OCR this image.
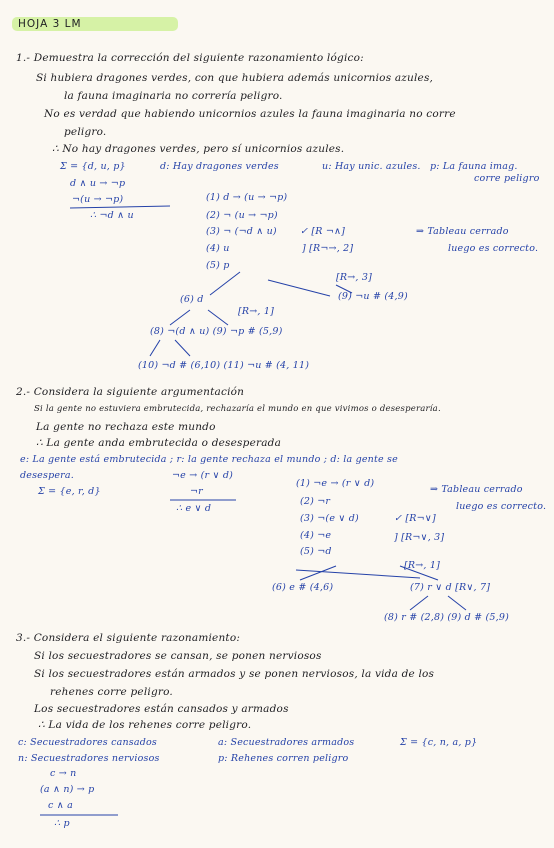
HOJA 3 LM
1.- Demuestra la corrección del siguiente razonamiento lógico:
Si hubiera dragones verdes, con que hubiera además unicornios azules,
la fauna imaginaria no correría peligro.
No es verdad que habiendo unicornios azules la fauna imaginaria no corre
peligro.
∴ No hay dragones verdes, pero sí unicornios azules.
Σ = {d, u, p}	d: Hay dragones verdes	u: Hay unic. azules. p: La fauna imag.
corre peligro
d ∧ u → ¬p
¬(u → ¬p)
∴ ¬d ∧ u
(1) d → (u → ¬p)
(2) ¬ (u → ¬p)
(3) ¬ (¬d ∧ u) ✓ [R ¬∧]
(4) u
(5) p
] [R¬→, 2]
[R→, 3]
(9) ¬u # (4,9)
(6) d
[R→, 1]
(8) ¬(d ∧ u) (9) ¬p # (5,9)
(10) ¬d # (6,10) (11) ¬u # (4, 11)
⇒ Tableau cerrado
luego es correcto.
2.- Considera la siguiente argumentación
Si la gente no estuviera embrutecida, rechazaría el mundo en que vivimos o desesperaría.
La gente no rechaza este mundo
∴ La gente anda embrutecida o desesperada
e: La gente está embrutecida ; r: la gente rechaza el mundo ; d: la gente se
desespera.
Σ = {e, r, d}
¬e → (r ∨ d)
¬r
∴ e ∨ d
(1) ¬e → (r ∨ d)
(2) ¬r
(3) ¬(e ∨ d)	✓ [R¬∨]
(4) ¬e
(5) ¬d
] [R¬∨, 3]
[R→, 1]
(6) e # (4,6)	(7) r ∨ d [R∨, 7]
(8) r # (2,8) (9) d # (5,9)
⇒ Tableau cerrado
luego es correcto.
3.- Considera el siguiente razonamiento:
Si los secuestradores se cansan, se ponen nerviosos
Si los secuestradores están armados y se ponen nerviosos, la vida de los
rehenes corre peligro.
Los secuestradores están cansados y armados
∴ La vida de los rehenes corre peligro.
c: Secuestradores cansados	a: Secuestradores armados
n: Secuestradores nerviosos	p: Rehenes corren peligro
Σ = {c, n, a, p}
c → n
(a ∧ n) → p
c ∧ a
∴ p
